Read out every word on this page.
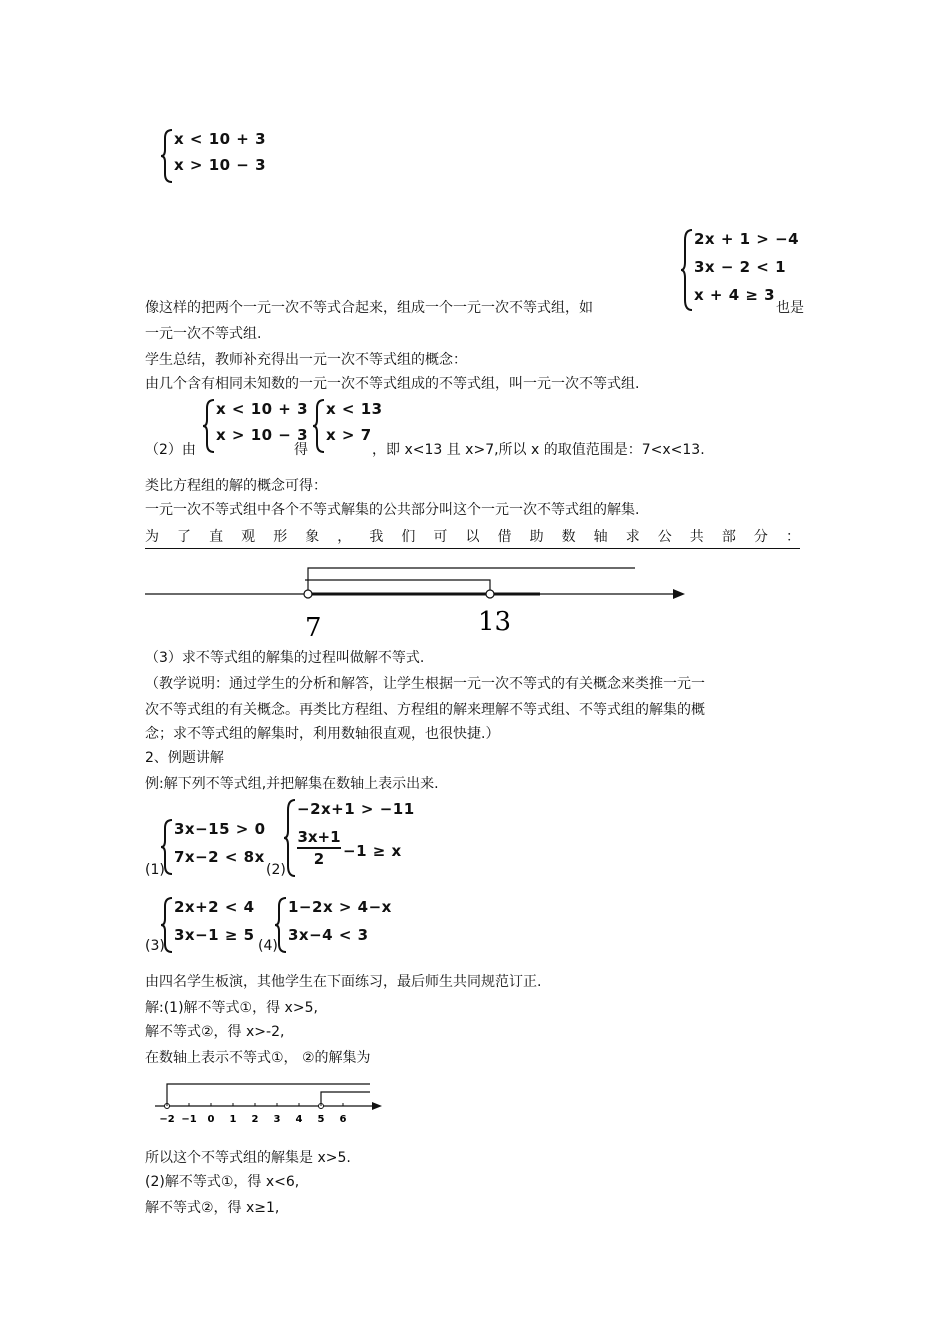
x < 10 + 3
x > 10 − 3
2x + 1 > −4
3x − 2 < 1
x + 4 ≥ 3
像这样的把两个一元一次不等式合起来，组成一个一元一次不等式组，如	也是
一元一次不等式组.
学生总结，教师补充得出一元一次不等式组的概念：
由几个含有相同未知数的一元一次不等式组成的不等式组，叫一元一次不等式组.
（2）由
x < 10 + 3
x > 10 − 3
得
x < 13
x > 7
，即 x<13 且 x>7,所以 x 的取值范围是：7<x<13.
类比方程组的解的概念可得：
一元一次不等式组中各个不等式解集的公共部分叫这个一元一次不等式组的解集.
为 了 直 观 形 象 ， 我 们 可 以 借 助 数 轴 求 公 共 部 分 ：
7	13
（3）求不等式组的解集的过程叫做解不等式.
（教学说明：通过学生的分析和解答，让学生根据一元一次不等式的有关概念来类推一元一
次不等式组的有关概念。再类比方程组、方程组的解来理解不等式组、不等式组的解集的概
念；求不等式组的解集时，利用数轴很直观，也很快捷.）
2、例题讲解
例:解下列不等式组,并把解集在数轴上表示出来.
(1)
3x−15 > 0
7x−2 < 8x
(2)
−2x+1 > −11
3x+1
2	−1 ≥ x
(3)
2x+2 < 4
3x−1 ≥ 5
(4)
1−2x > 4−x
3x−4 < 3
由四名学生板演，其他学生在下面练习，最后师生共同规范订正.
解:(1)解不等式①，得 x>5,
解不等式②，得 x>-2,
在数轴上表示不等式①， ②的解集为
−2 −1 0 1 2 3 4 5 6
所以这个不等式组的解集是 x>5.
(2)解不等式①，得 x<6,
解不等式②，得 x≥1,
